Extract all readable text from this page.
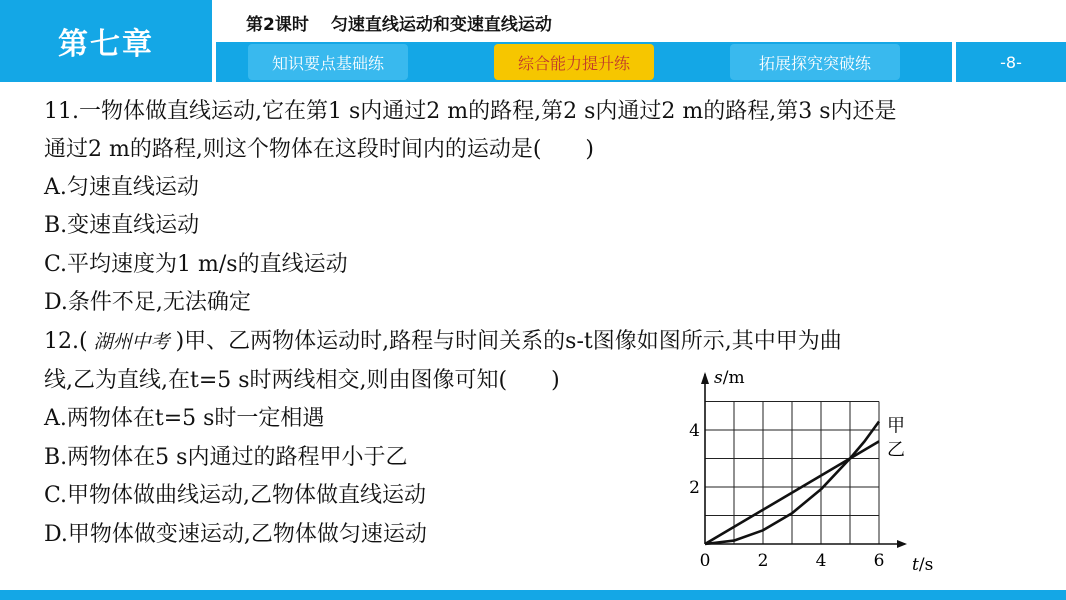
第七章
第2课时 匀速直线运动和变速直线运动
知识要点基础练	综合能力提升练	拓展探究突破练	-8-
11.一物体做直线运动,它在第1 s内通过2 m的路程,第2 s内通过2 m的路程,第3 s内还是
通过2 m的路程,则这个物体在这段时间内的运动是(　　)
A.匀速直线运动
B.变速直线运动
C.平均速度为1 m/s的直线运动
D.条件不足,无法确定
12.( 湖州中考 )甲、乙两物体运动时,路程与时间关系的s-t图像如图所示,其中甲为曲
线,乙为直线,在t=5 s时两线相交,则由图像可知(　　)
A.两物体在t=5 s时一定相遇
B.两物体在5 s内通过的路程甲小于乙
C.甲物体做曲线运动,乙物体做直线运动
D.甲物体做变速运动,乙物体做匀速运动
0	2	4	6
2
4	甲
乙
s/m
t/s
